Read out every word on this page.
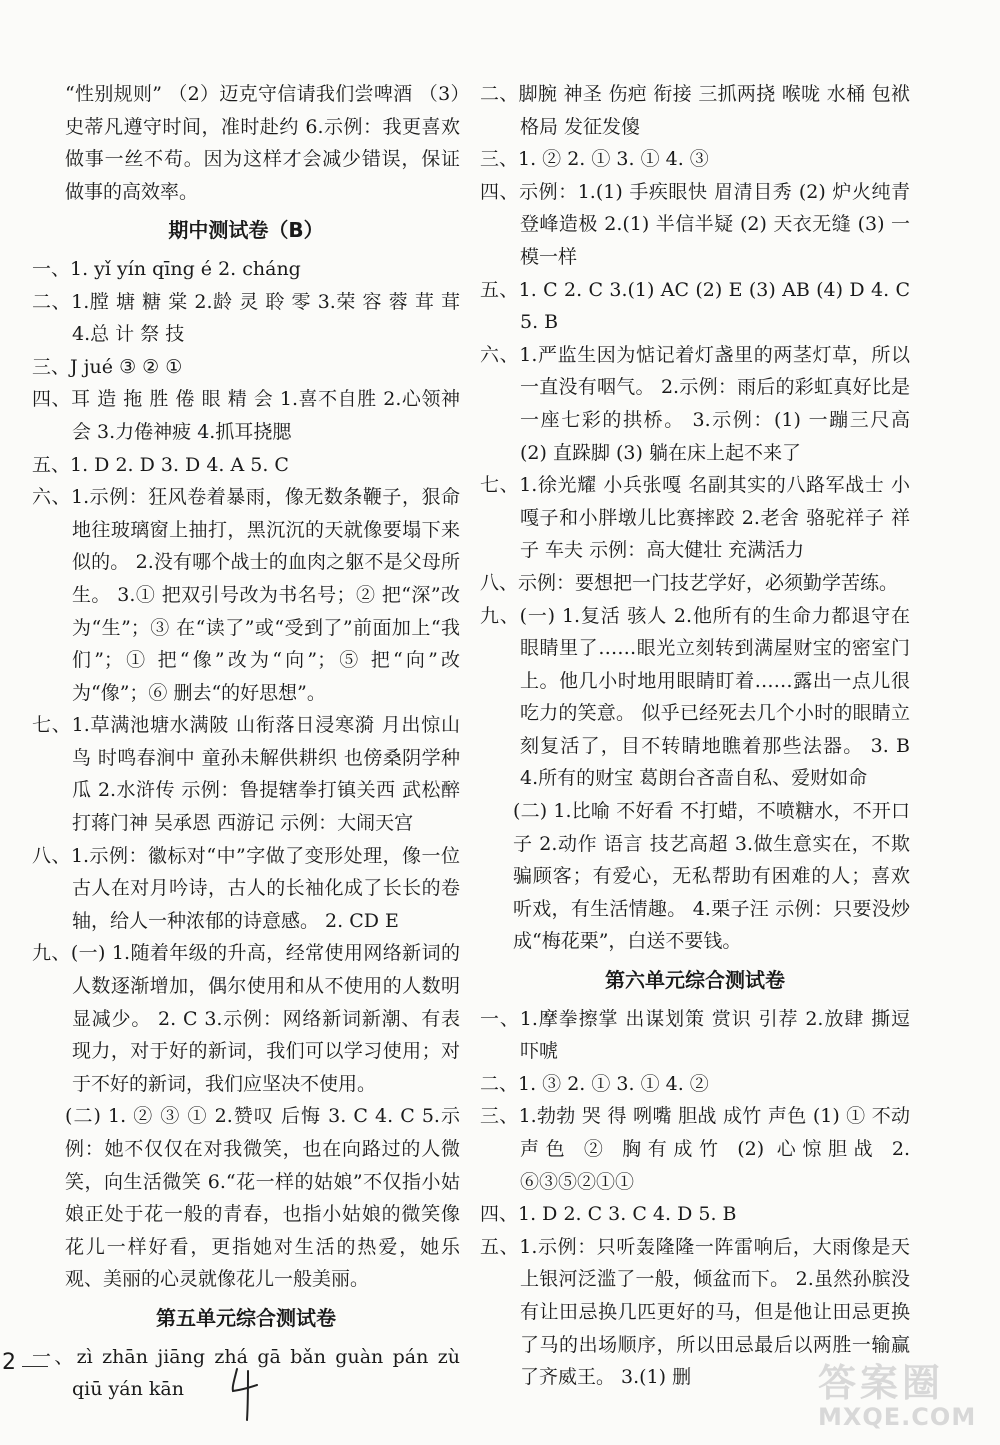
“性别规则” （2）迈克守信请我们尝啤酒 （3）史蒂凡遵守时间，准时赴约 6.示例：我更喜欢做事一丝不苟。因为这样才会减少错误，保证做事的高效率。
期中测试卷（B）
一、1. yǐ yín qīng é 2. cháng
二、1.膛 塘 糖 棠 2.龄 灵 聆 零 3.荣 容 蓉 茸 茸 4.总 计 祭 技
三、J jué ③ ② ①
四、耳 造 拖 胜 倦 眼 精 会 1.喜不自胜 2.心领神会 3.力倦神疲 4.抓耳挠腮
五、1. D 2. D 3. D 4. A 5. C
六、1.示例：狂风卷着暴雨，像无数条鞭子，狠命地往玻璃窗上抽打，黑沉沉的天就像要塌下来似的。 2.没有哪个战士的血肉之躯不是父母所生。 3.① 把双引号改为书名号；② 把“深”改为“生”；③ 在“读了”或“受到了”前面加上“我们”；① 把“像”改为“向”；⑤ 把“向”改为“像”；⑥ 删去“的好思想”。
七、1.草满池塘水满陂 山衔落日浸寒漪 月出惊山鸟 时鸣春涧中 童孙未解供耕织 也傍桑阴学种瓜 2.水浒传 示例：鲁提辖拳打镇关西 武松醉打蒋门神 吴承恩 西游记 示例：大闹天宫
八、1.示例：徽标对“中”字做了变形处理，像一位古人在对月吟诗，古人的长袖化成了长长的卷轴，给人一种浓郁的诗意感。 2. CD E
九、(一) 1.随着年级的升高，经常使用网络新词的人数逐渐增加，偶尔使用和从不使用的人数明显减少。 2. C 3.示例：网络新词新潮、有表现力，对于好的新词，我们可以学习使用；对于不好的新词，我们应坚决不使用。
(二) 1. ② ③ ① 2.赞叹 后悔 3. C 4. C 5.示例：她不仅仅在对我微笑，也在向路过的人微笑，向生活微笑 6.“花一样的姑娘”不仅指小姑娘正处于花一般的青春，也指小姑娘的微笑像花儿一样好看，更指她对生活的热爱，她乐观、美丽的心灵就像花儿一般美丽。
第五单元综合测试卷
一、zì zhān jiāng zhá gā bǎn guàn pán zù qiū yán kān
二、脚腕 神圣 伤疤 衔接 三抓两挠 喉咙 水桶 包袱 格局 发征发傻
三、1. ② 2. ① 3. ① 4. ③
四、示例：1.(1) 手疾眼快 眉清目秀 (2) 炉火纯青 登峰造极 2.(1) 半信半疑 (2) 天衣无缝 (3) 一模一样
五、1. C 2. C 3.(1) AC (2) E (3) AB (4) D 4. C 5. B
六、1.严监生因为惦记着灯盏里的两茎灯草，所以一直没有咽气。 2.示例：雨后的彩虹真好比是一座七彩的拱桥。 3.示例：(1) 一蹦三尺高 (2) 直跺脚 (3) 躺在床上起不来了
七、1.徐光耀 小兵张嘎 名副其实的八路军战士 小嘎子和小胖墩儿比赛摔跤 2.老舍 骆驼祥子 祥子 车夫 示例：高大健壮 充满活力
八、示例：要想把一门技艺学好，必须勤学苦练。
九、(一) 1.复活 骇人 2.他所有的生命力都退守在眼睛里了……眼光立刻转到满屋财宝的密室门上。他几小时地用眼睛盯着……露出一点儿很吃力的笑意。 似乎已经死去几个小时的眼睛立刻复活了，目不转睛地瞧着那些法器。 3. B 4.所有的财宝 葛朗台吝啬自私、爱财如命
(二) 1.比喻 不好看 不打蜡，不喷糖水，不开口子 2.动作 语言 技艺高超 3.做生意实在，不欺骗顾客；有爱心，无私帮助有困难的人；喜欢听戏，有生活情趣。 4.栗子汪 示例：只要没炒成“梅花栗”，白送不要钱。
第六单元综合测试卷
一、1.摩拳擦掌 出谋划策 赏识 引荐 2.放肆 撕逗 吓唬
二、1. ③ 2. ① 3. ① 4. ②
三、1.勃勃 哭 得 咧嘴 胆战 成竹 声色 (1) ① 不动声色 ② 胸有成竹 (2) 心惊胆战 2. ⑥③⑤②①①
四、1. D 2. C 3. C 4. D 5. B
五、1.示例：只听轰隆隆一阵雷响后，大雨像是天上银河泛滥了一般，倾盆而下。 2.虽然孙膑没有让田忌换几匹更好的马，但是他让田忌更换了马的出场顺序，所以田忌最后以两胜一输赢了齐威王。 3.(1) 删
2	答案圈
MXQE.COM
